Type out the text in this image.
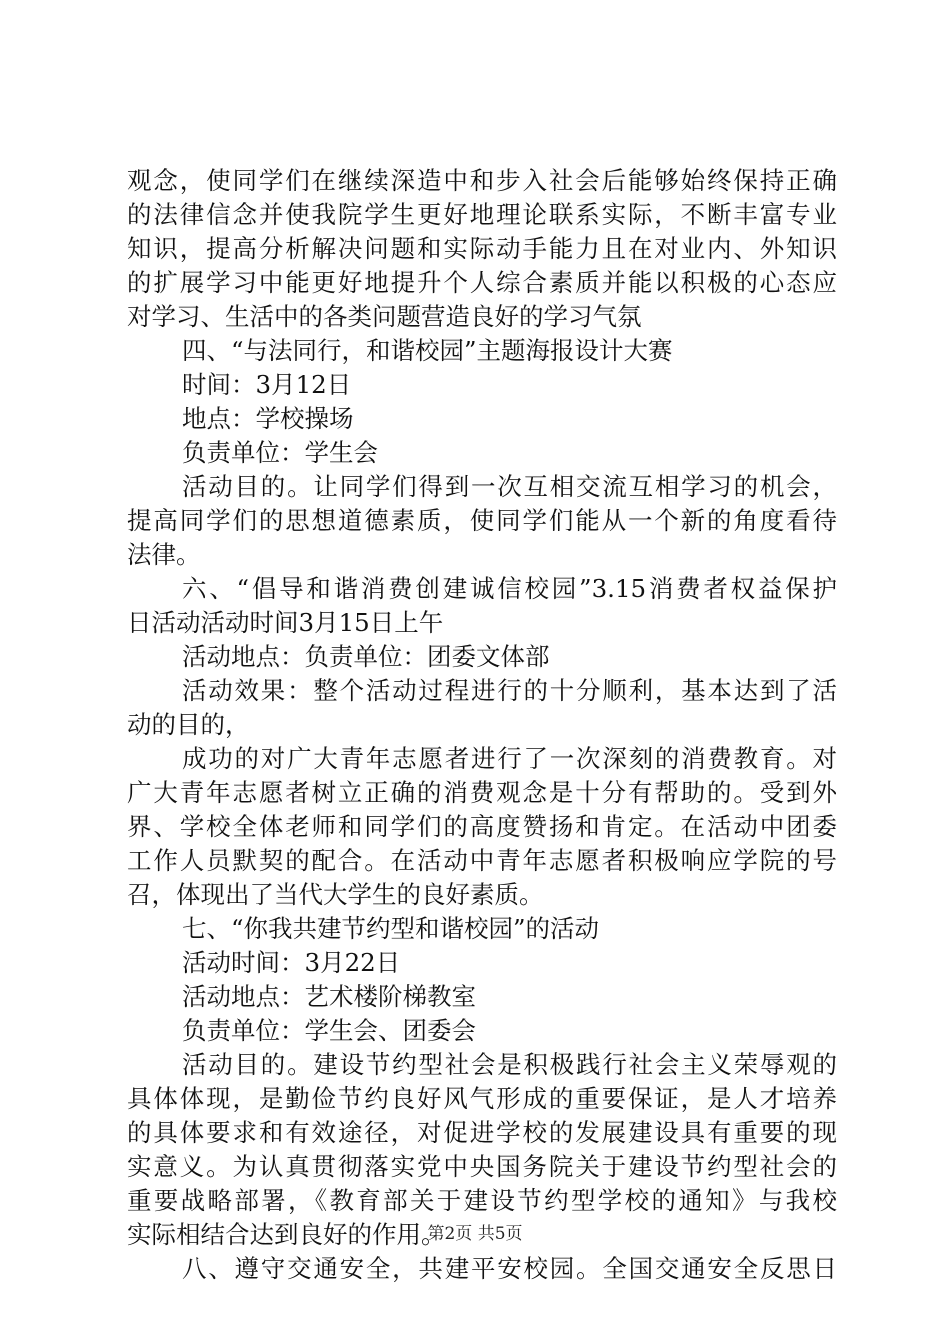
观念，使同学们在继续深造中和步入社会后能够始终保持正确
的法律信念并使我院学生更好地理论联系实际，不断丰富专业
知识，提高分析解决问题和实际动手能力且在对业内、外知识
的扩展学习中能更好地提升个人综合素质并能以积极的心态应
对学习、生活中的各类问题营造良好的学习气氛
四、“与法同行，和谐校园”主题海报设计大赛
时间：3月12日
地点：学校操场
负责单位：学生会
活动目的。让同学们得到一次互相交流互相学习的机会，
提高同学们的思想道德素质，使同学们能从一个新的角度看待
法律。
六、“倡导和谐消费创建诚信校园”3.15消费者权益保护
日活动活动时间3月15日上午
活动地点：负责单位：团委文体部
活动效果：整个活动过程进行的十分顺利，基本达到了活
动的目的，
成功的对广大青年志愿者进行了一次深刻的消费教育。对
广大青年志愿者树立正确的消费观念是十分有帮助的。受到外
界、学校全体老师和同学们的高度赞扬和肯定。在活动中团委
工作人员默契的配合。在活动中青年志愿者积极响应学院的号
召，体现出了当代大学生的良好素质。
七、“你我共建节约型和谐校园”的活动
活动时间：3月22日
活动地点：艺术楼阶梯教室
负责单位：学生会、团委会
活动目的。建设节约型社会是积极践行社会主义荣辱观的
具体体现，是勤俭节约良好风气形成的重要保证，是人才培养
的具体要求和有效途径，对促进学校的发展建设具有重要的现
实意义。为认真贯彻落实党中央国务院关于建设节约型社会的
重要战略部署，《教育部关于建设节约型学校的通知》与我校
实际相结合达到良好的作用。
八、遵守交通安全，共建平安校园。全国交通安全反思日
第2页 共5页
